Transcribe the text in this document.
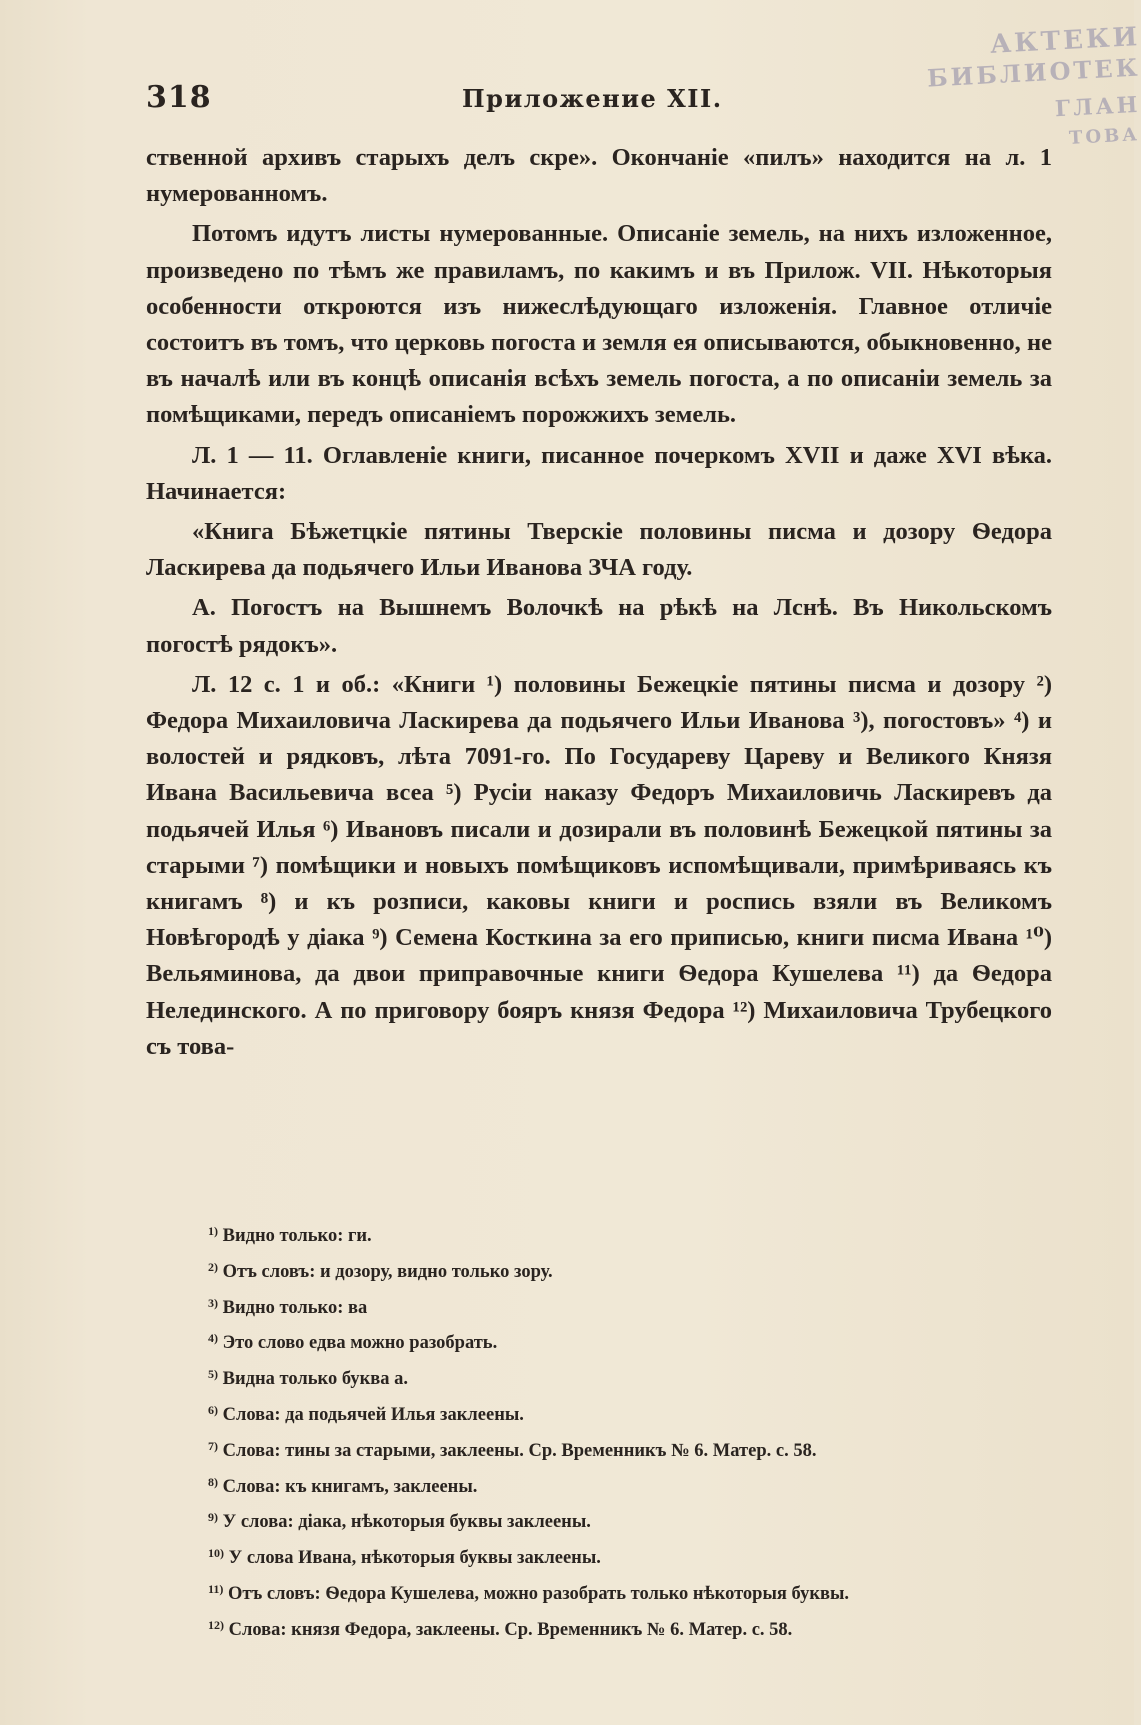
АКТЕКИ
БИБЛИОТЕК
ГЛАН
ТОВА
318	Приложение XII.

ственной архивъ старыхъ делъ скре». Окончаніе «пилъ» находится на л. 1 нумерованномъ.

Потомъ идутъ листы нумерованные. Описаніе земель, на нихъ изложенное, произведено по тѣмъ же правиламъ, по какимъ и въ Прилож. VII. Нѣкоторыя особенности откроются изъ нижеслѣдующаго изложенія. Главное отличіе состоитъ въ томъ, что церковь погоста и земля ея описываются, обыкновенно, не въ началѣ или въ концѣ описанія всѣхъ земель погоста, а по описаніи земель за помѣщиками, передъ описаніемъ порожжихъ земель.

Л. 1 — 11. Оглавленіе книги, писанное почеркомъ XVII и даже XVI вѣка. Начинается:

«Книга Бѣжетцкіе пятины Тверскіе половины писма и дозору Ѳедора Ласкирева да подьячего Ильи Иванова ЗЧА году.

А. Погостъ на Вышнемъ Волочкѣ на рѣкѣ на Лснѣ. Въ Никольскомъ погостѣ рядокъ».

Л. 12 с. 1 и об.: «Книги ¹) половины Бежецкіе пятины писма и дозору ²) Федора Михаиловича Ласкирева да подьячего Ильи Иванова ³), погостовъ» ⁴) и волостей и рядковъ, лѣта 7091-го. По Государеву Цареву и Великого Князя Ивана Васильевича всеа ⁵) Русіи наказу Федоръ Михаиловичь Ласкиревъ да подьячей Илья ⁶) Ивановъ писали и дозирали въ половинѣ Бежецкой пятины за старыми ⁷) помѣщики и новыхъ помѣщиковъ испомѣщивали, примѣриваясь къ книгамъ ⁸) и къ розписи, каковы книги и роспись взяли въ Великомъ Новѣгородѣ у діака ⁹) Семена Косткина за его приписью, книги писма Ивана ¹⁰) Вельяминова, да двои приправочные книги Ѳедора Кушелева ¹¹) да Ѳедора Нелединского. А по приговору бояръ князя Федора ¹²) Михаиловича Трубецкого съ това-

$^{1)}$ Видно только: ги.
$^{2)}$ Отъ словъ: и дозору, видно только зору.
$^{3)}$ Видно только: ва
$^{4)}$ Это слово едва можно разобрать.
$^{5)}$ Видна только буква а.
$^{6)}$ Слова: да подьячей Илья заклеены.
$^{7)}$ Слова: тины за старыми, заклеены. Ср. Временникъ № 6. Матер. с. 58.
$^{8)}$ Слова: къ книгамъ, заклеены.
$^{9)}$ У слова: діака, нѣкоторыя буквы заклеены.
$^{10)}$ У слова Ивана, нѣкоторыя буквы заклеены.
$^{11)}$ Отъ словъ: Ѳедора Кушелева, можно разобрать только нѣкоторыя буквы.
$^{12)}$ Слова: князя Федора, заклеены. Ср. Временникъ № 6. Матер. с. 58.
